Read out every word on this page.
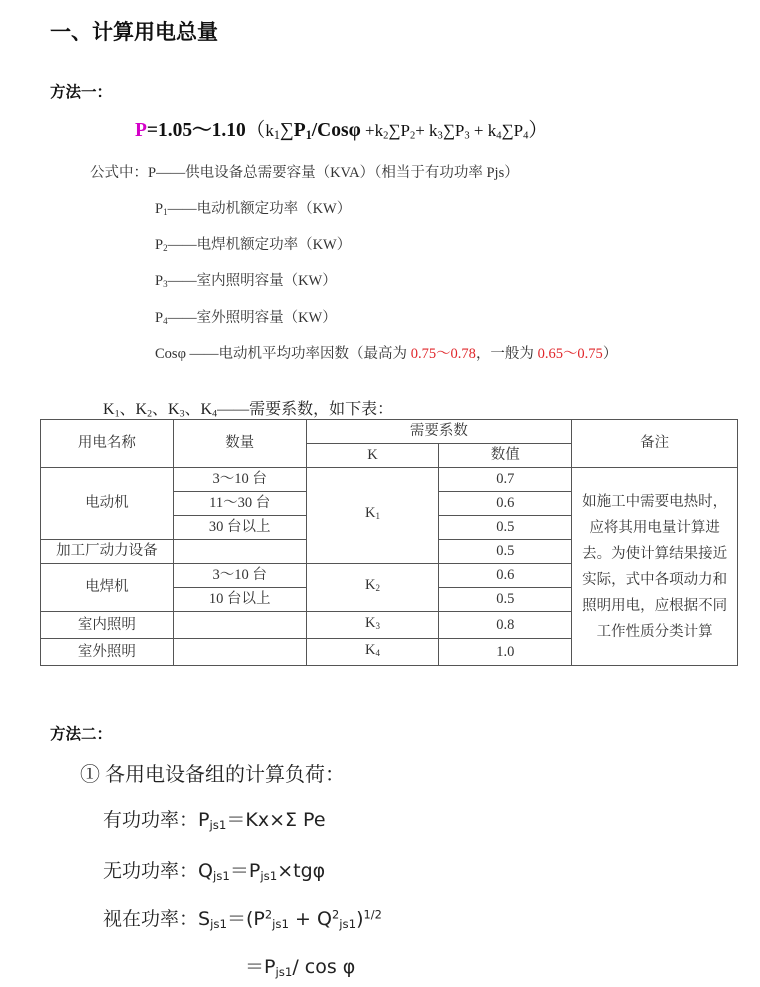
一、计算用电总量
方法一：
$P=1.05\sim 1.10(k_1\sum P_1$/Cosφ $+k_2\sum P_2+ k_3\sum P_3 + k_4\sum P_4$）
公式中：P——供电设备总需要容量（KVA）（相当于有功功率 Pjs）
$P_1——$电动机额定功率（KW）
$P_2——$电焊机额定功率（KW）
$P_3——$室内照明容量（KW）
$P_4——$室外照明容量（KW）
Cosφ ——电动机平均功率因数（最高为 0.75～0.78，一般为 0.65～0.75）
$K_1$、$K_2$、$K_3$、$K_4——$需要系数，如下表：
用电名称	数量	需要系数		备注
		K	数值	
电动机	3～10 台	$K_1$	0.7	如施工中需要电热时，应将其用电量计算进去。为使计算结果接近实际，式中各项动力和照明用电，应根据不同工作性质分类计算
	11～30 台		0.6	
	30 台以上		0.5	
加工厂动力设备			0.5	
电焊机	3～10 台	$K_2$	0.6	
	10 台以上		0.5	
室内照明		$K_3$	0.8	
室外照明		$K_4$	1.0	
方法二：
① 各用电设备组的计算负荷：
有功功率：$P_{js1}=Kx\times\Sigma$ Pe
无功功率：$Q_{js1}=P_{js1}\times tg\varphi$
视在功率：$S_{js1}=(P^2_{js1} + Q^2_{js1})^{1/2}$
$=P_{js1}/$ cos φ
